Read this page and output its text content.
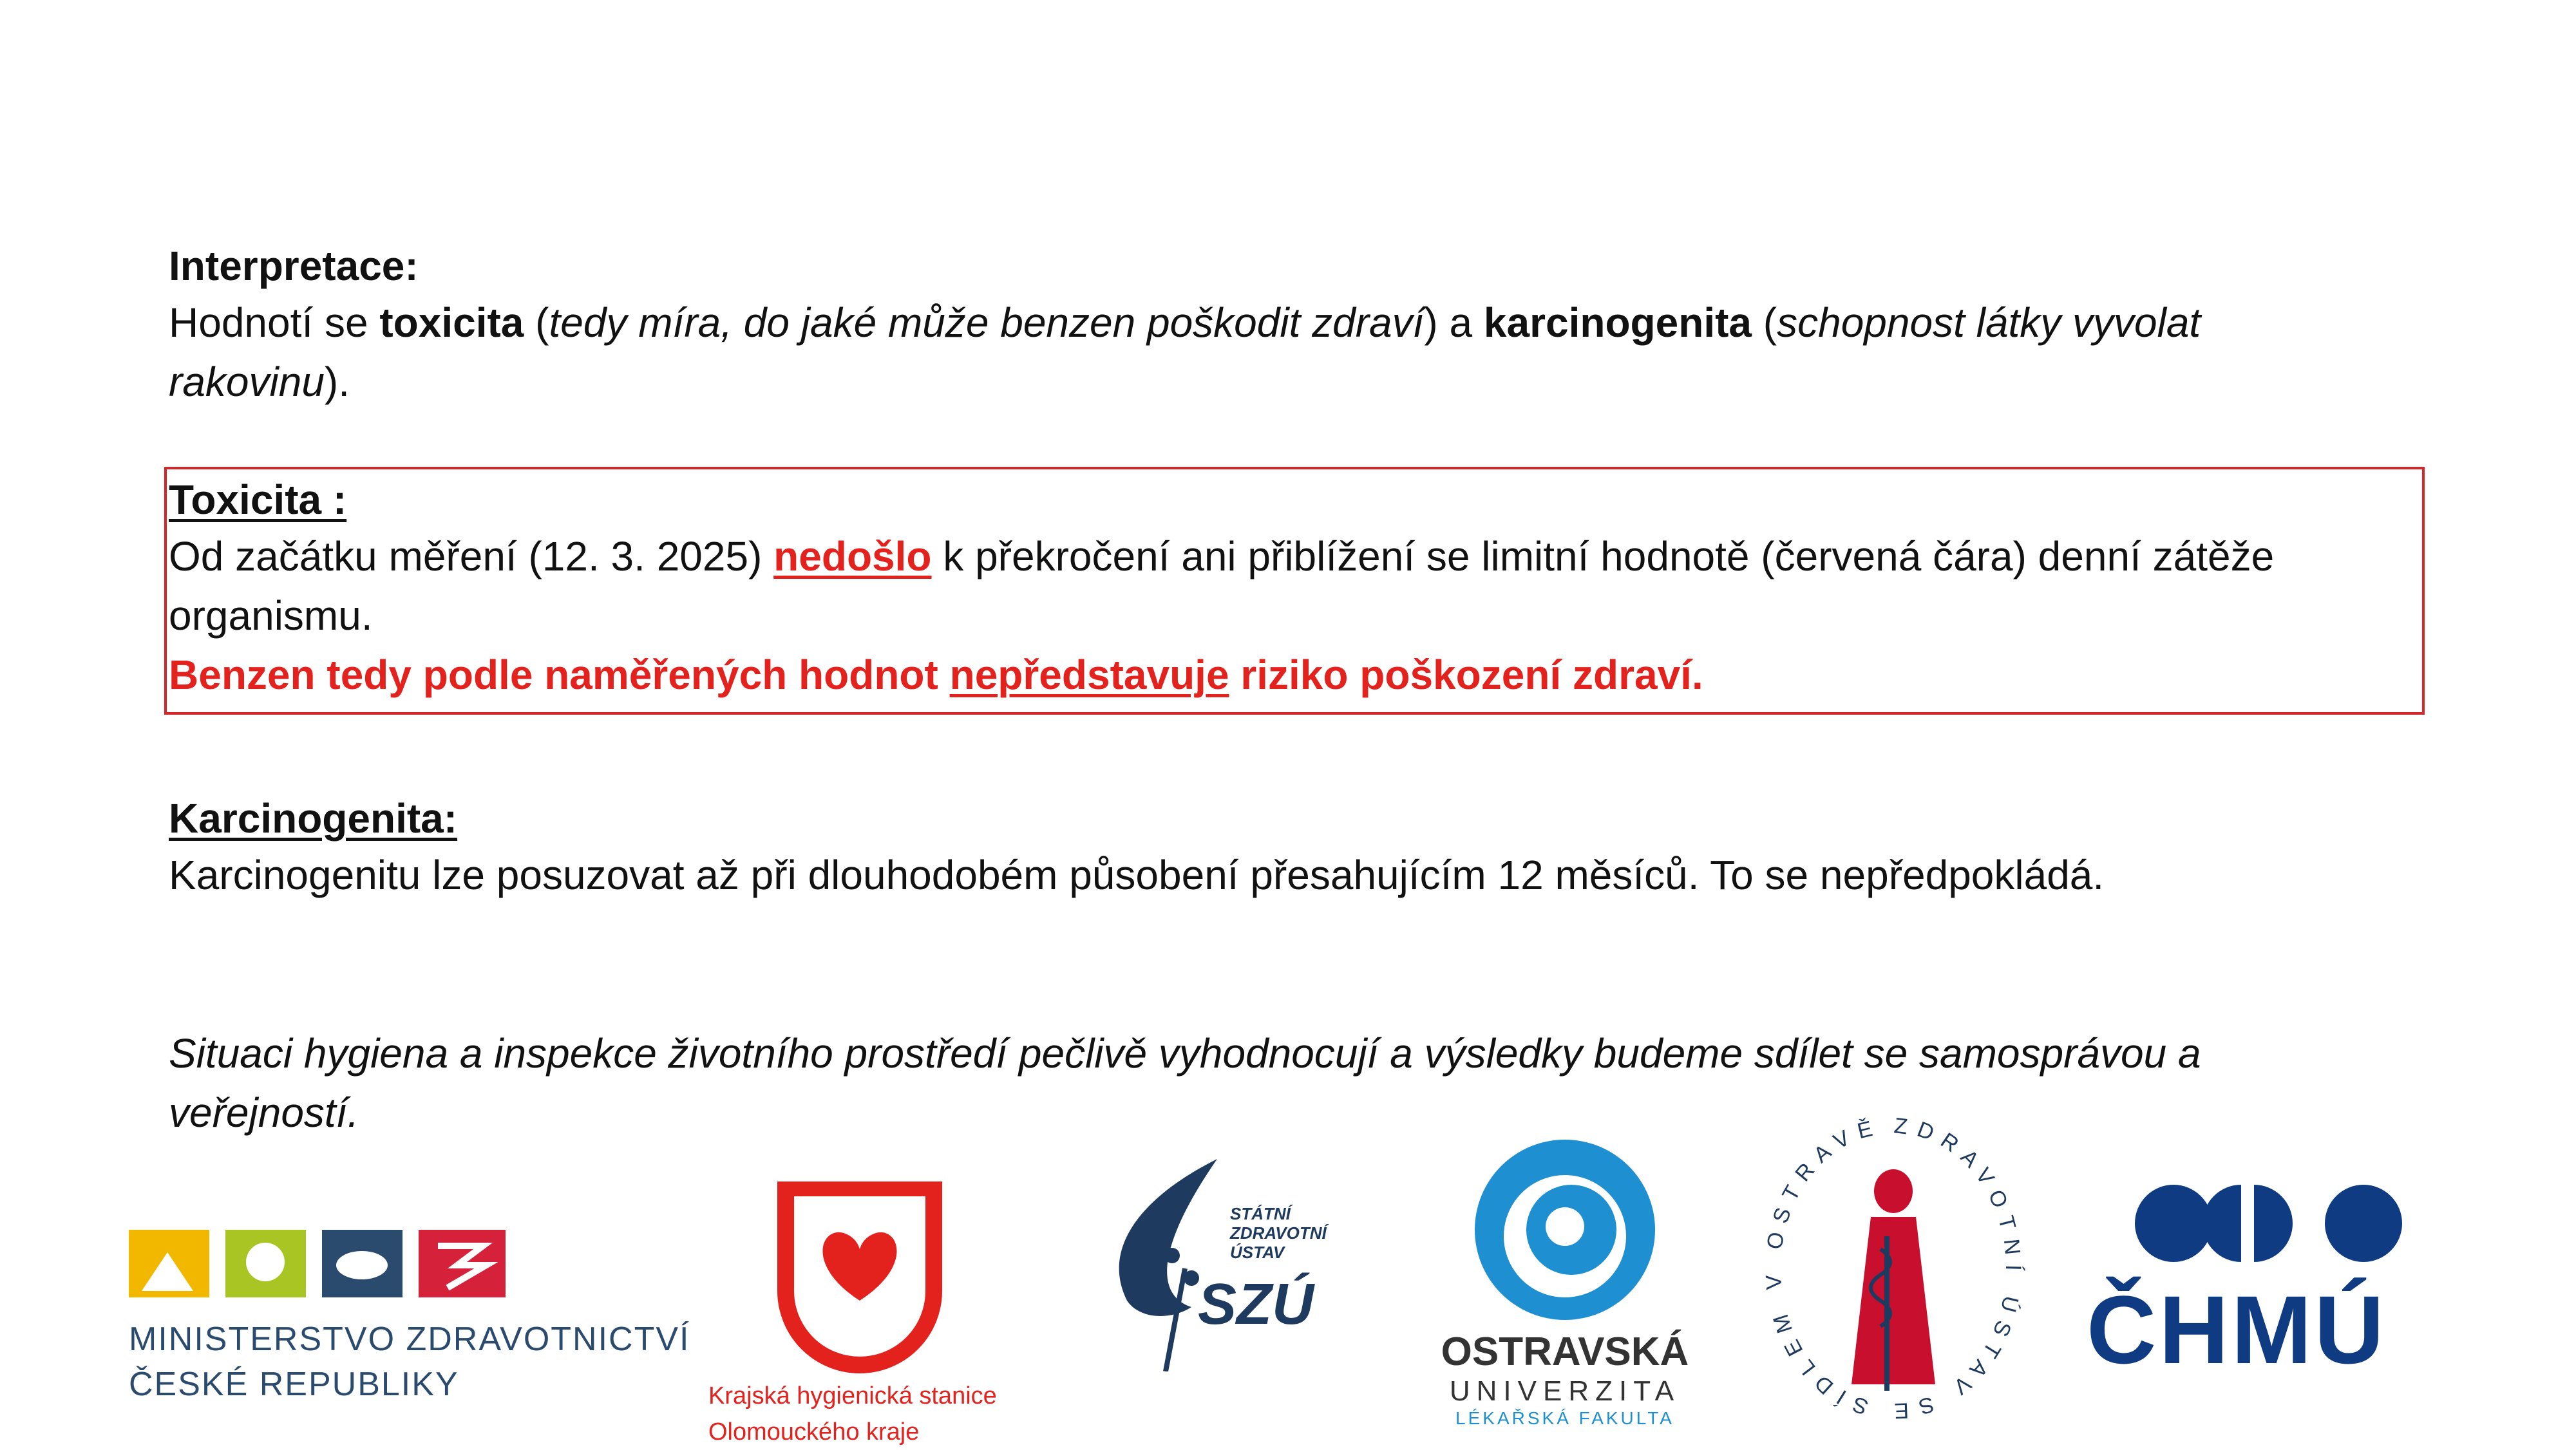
Interpretace:
Hodnotí se toxicita (tedy míra, do jaké může benzen poškodit zdraví) a karcinogenita (schopnost látky vyvolat rakovinu).
Toxicita :
Od začátku měření (12. 3. 2025) nedošlo k překročení ani přiblížení se limitní hodnotě (červená čára) denní zátěže organismu.
Benzen tedy podle naměřených hodnot nepředstavuje riziko poškození zdraví.
Karcinogenita:
Karcinogenitu lze posuzovat až při dlouhodobém působení přesahujícím 12 měsíců. To se nepředpokládá.
Situaci hygiena a inspekce životního prostředí pečlivě vyhodnocují a výsledky budeme sdílet se samosprávou a veřejností.
MINISTERSTVO ZDRAVOTNICTVÍ
ČESKÉ REPUBLIKY	Krajská hygienická stanice
Olomouckého kraje
STÁTNÍ
ZDRAVOTNÍ
ÚSTAV
SZÚ
OSTRAVSKÁ
UNIVERZITA
LÉKAŘSKÁ FAKULTA
ZDRAVOTNÍ ÚSTAV SE SÍDLEM V OSTRAVĚ
ČHMÚ
